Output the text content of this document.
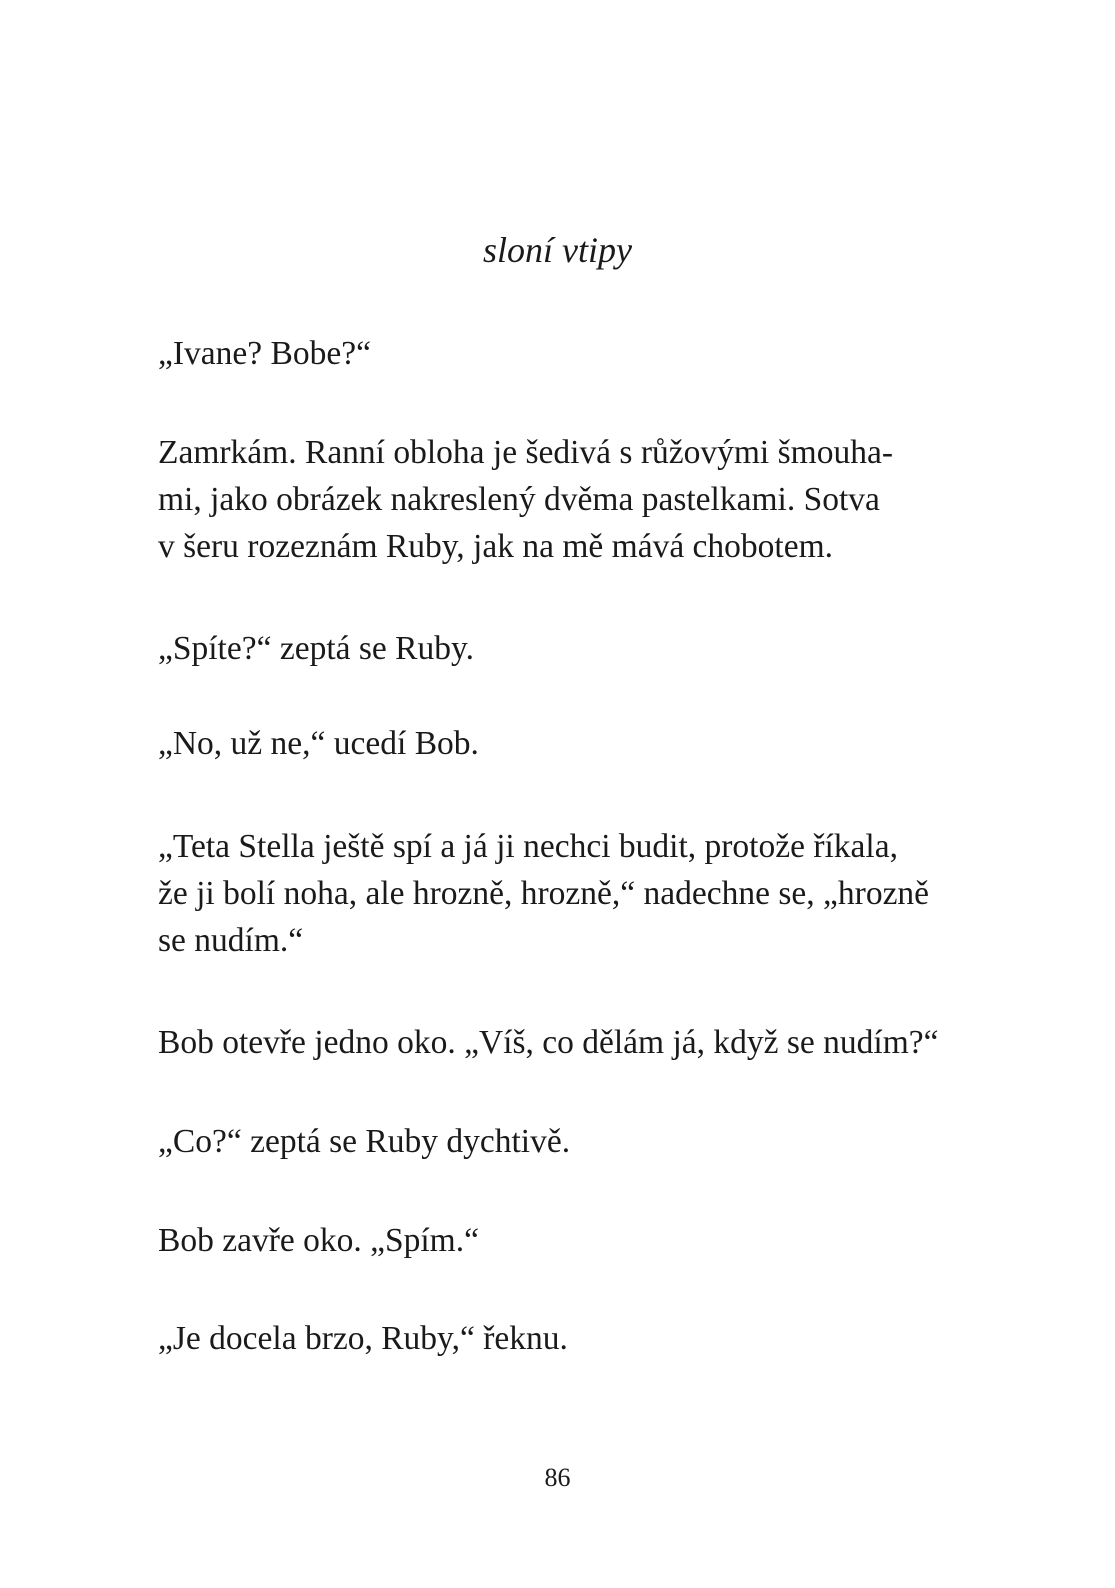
sloní vtipy

„Ivane? Bobe?“

Zamrkám. Ranní obloha je šedivá s růžovými šmouha-
mi, jako obrázek nakreslený dvěma pastelkami. Sotva
v šeru rozeznám Ruby, jak na mě mává chobotem.

„Spíte?“ zeptá se Ruby.

„No, už ne,“ ucedí Bob.

„Teta Stella ještě spí a já ji nechci budit, protože říkala,
že ji bolí noha, ale hrozně, hrozně,“ nadechne se, „hrozně
se nudím.“

Bob otevře jedno oko. „Víš, co dělám já, když se nudím?“

„Co?“ zeptá se Ruby dychtivě.

Bob zavře oko. „Spím.“

„Je docela brzo, Ruby,“ řeknu.

86
